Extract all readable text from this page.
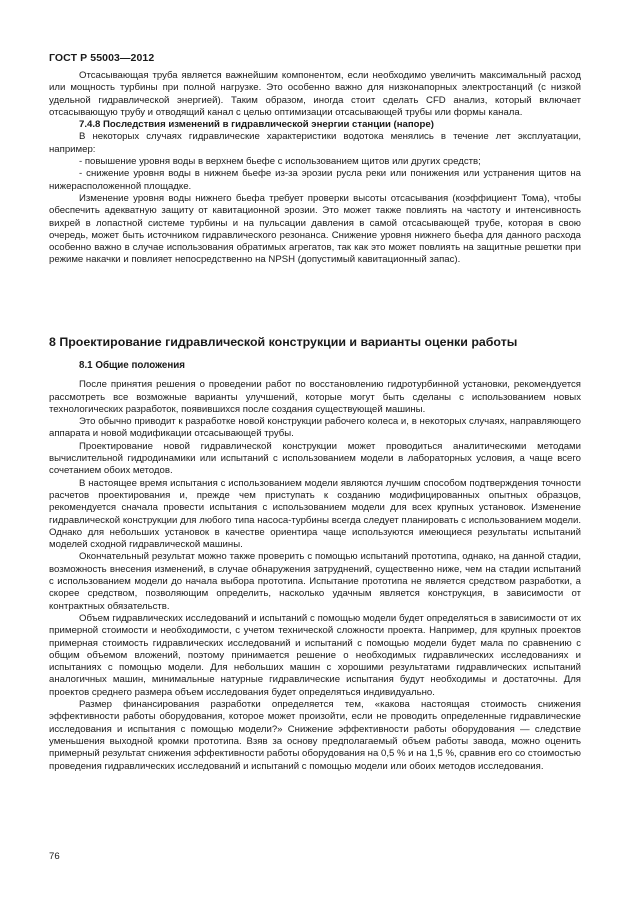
ГОСТ Р 55003—2012

Отсасывающая труба является важнейшим компонентом, если необходимо увеличить максимальный расход или мощность турбины при полной нагрузке. Это особенно важно для низконапорных электростанций (с низкой удельной гидравлической энергией). Таким образом, иногда стоит сделать CFD анализ, который включает отсасывающую трубу и отводящий канал с целью оптимизации отсасывающей трубы или формы канала.

7.4.8 Последствия изменений в гидравлической энергии станции (напоре)

В некоторых случаях гидравлические характеристики водотока менялись в течение лет эксплуатации, например:

- повышение уровня воды в верхнем бьефе с использованием щитов или других средств;

- снижение уровня воды в нижнем бьефе из-за эрозии русла реки или понижения или устранения щитов на нижерасположенной площадке.

Изменение уровня воды нижнего бьефа требует проверки высоты отсасывания (коэффициент Тома), чтобы обеспечить адекватную защиту от кавитационной эрозии. Это может также повлиять на частоту и интенсивность вихрей в лопастной системе турбины и на пульсации давления в самой отсасывающей трубе, которая в свою очередь, может быть источником гидравлического резонанса. Снижение уровня нижнего бьефа для данного расхода особенно важно в случае использования обратимых агрегатов, так как это может повлиять на защитные решетки при режиме накачки и повлияет непосредственно на NPSH (допустимый кавитационный запас).

8 Проектирование гидравлической конструкции и варианты оценки работы

8.1 Общие положения

После принятия решения о проведении работ по восстановлению гидротурбинной установки, рекомендуется рассмотреть все возможные варианты улучшений, которые могут быть сделаны с использованием новых технологических разработок, появившихся после создания существующей машины.

Это обычно приводит к разработке новой конструкции рабочего колеса и, в некоторых случаях, направляющего аппарата и новой модификации отсасывающей трубы.

Проектирование новой гидравлической конструкции может проводиться аналитическими методами вычислительной гидродинамики или испытаний с использованием модели в лабораторных условия, а чаще всего сочетанием обоих методов.

В настоящее время испытания с использованием модели являются лучшим способом подтверждения точности расчетов проектирования и, прежде чем приступать к созданию модифицированных опытных образцов, рекомендуется сначала провести испытания с использованием модели для всех крупных установок. Изменение гидравлической конструкции для любого типа насоса-турбины всегда следует планировать с использованием модели. Однако для небольших установок в качестве ориентира чаще используются имеющиеся результаты испытаний моделей сходной гидравлической машины.

Окончательный результат можно также проверить с помощью испытаний прототипа, однако, на данной стадии, возможность внесения изменений, в случае обнаружения затруднений, существенно ниже, чем на стадии испытаний с использованием модели до начала выбора прототипа. Испытание прототипа не является средством разработки, а скорее средством, позволяющим определить, насколько удачным является конструкция, в зависимости от контрактных обязательств.

Объем гидравлических исследований и испытаний с помощью модели будет определяться в зависимости от их примерной стоимости и необходимости, с учетом технической сложности проекта. Например, для крупных проектов примерная стоимость гидравлических исследований и испытаний с помощью модели будет мала по сравнению с общим объемом вложений, поэтому принимается решение о необходимых гидравлических исследованиях и испытаниях с помощью модели. Для небольших машин с хорошими результатами гидравлических испытаний аналогичных машин, минимальные натурные гидравлические испытания будут необходимы и достаточны. Для проектов среднего размера объем исследования будет определяться индивидуально.

Размер финансирования разработки определяется тем, «какова настоящая стоимость снижения эффективности работы оборудования, которое может произойти, если не проводить определенные гидравлические исследования и испытания с помощью модели?» Снижение эффективности работы оборудования — следствие уменьшения выходной кромки прототипа. Взяв за основу предполагаемый объем работы завода, можно оценить примерный результат снижения эффективности работы оборудования на 0,5 % и на 1,5 %, сравнив его со стоимостью проведения гидравлических исследований и испытаний с помощью модели или обоих методов исследования.

76
